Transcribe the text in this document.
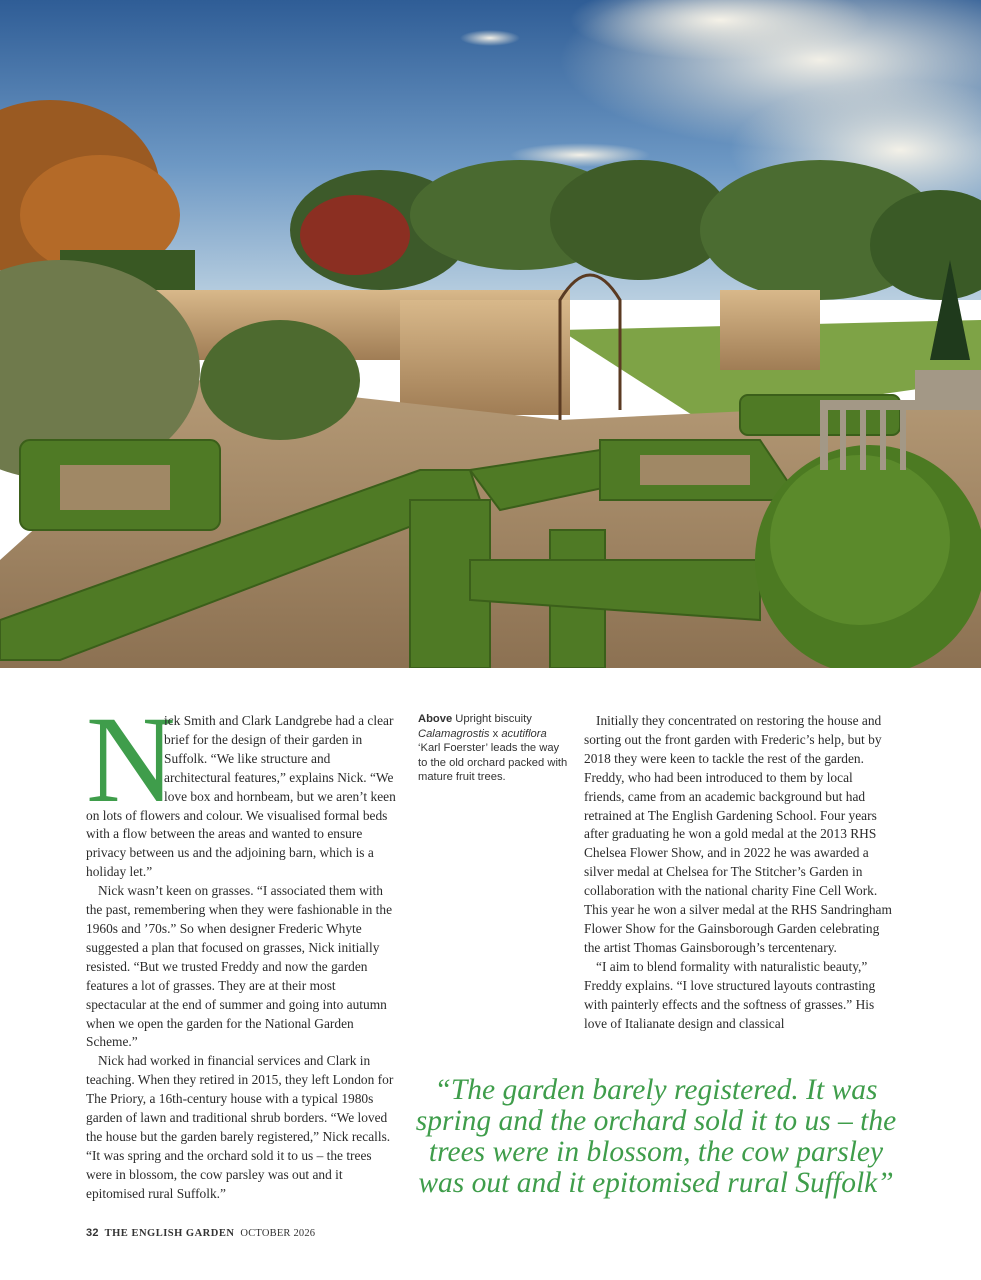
N
ick Smith and Clark Landgrebe had a clear brief for the design of their garden in Suffolk. “We like structure and architectural features,” explains Nick. “We love box and hornbeam, but we aren’t keen on lots of flowers and colour. We visualised formal beds with a flow between the areas and wanted to ensure privacy between us and the adjoining barn, which is a holiday let.”

Nick wasn’t keen on grasses. “I associated them with the past, remembering when they were fashionable in the 1960s and ’70s.” So when designer Frederic Whyte suggested a plan that focused on grasses, Nick initially resisted. “But we trusted Freddy and now the garden features a lot of grasses. They are at their most spectacular at the end of summer and going into autumn when we open the garden for the National Garden Scheme.”

Nick had worked in financial services and Clark in teaching. When they retired in 2015, they left London for The Priory, a 16th-century house with a typical 1980s garden of lawn and traditional shrub borders. “We loved the house but the garden barely registered,” Nick recalls. “It was spring and the orchard sold it to us – the trees were in blossom, the cow parsley was out and it epitomised rural Suffolk.”

Above Upright biscuity Calamagrostis x acutiflora ‘Karl Foerster’ leads the way to the old orchard packed with mature fruit trees.

Initially they concentrated on restoring the house and sorting out the front garden with Frederic’s help, but by 2018 they were keen to tackle the rest of the garden. Freddy, who had been introduced to them by local friends, came from an academic background but had retrained at The English Gardening School. Four years after graduating he won a gold medal at the 2013 RHS Chelsea Flower Show, and in 2022 he was awarded a silver medal at Chelsea for The Stitcher’s Garden in collaboration with the national charity Fine Cell Work. This year he won a silver medal at the RHS Sandringham Flower Show for the Gainsborough Garden celebrating the artist Thomas Gainsborough’s tercentenary.

“I aim to blend formality with naturalistic beauty,” Freddy explains. “I love structured layouts contrasting with painterly effects and the softness of grasses.” His love of Italianate design and classical

“The garden barely registered. It was spring and the orchard sold it to us – the trees were in blossom, the cow parsley was out and it epitomised rural Suffolk”
32 THE ENGLISH GARDEN OCTOBER 2026
